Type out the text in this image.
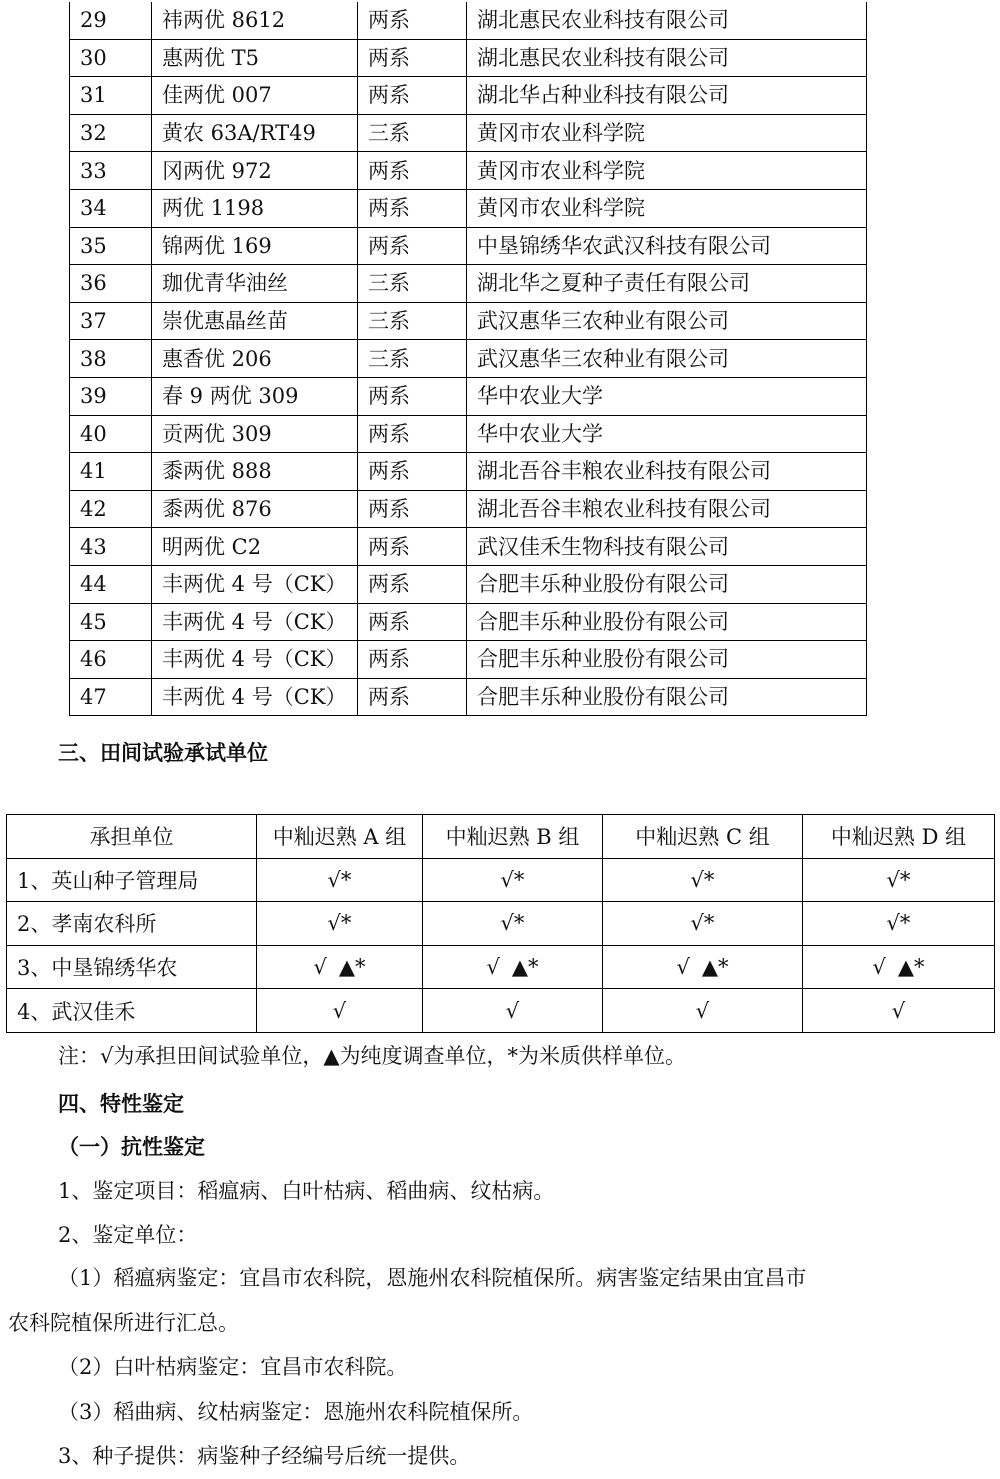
29	祎两优 8612	两系	湖北惠民农业科技有限公司
30	惠两优 T5	两系	湖北惠民农业科技有限公司
31	佳两优 007	两系	湖北华占种业科技有限公司
32	黄农 63A/RT49	三系	黄冈市农业科学院
33	冈两优 972	两系	黄冈市农业科学院
34	两优 1198	两系	黄冈市农业科学院
35	锦两优 169	两系	中垦锦绣华农武汉科技有限公司
36	珈优青华油丝	三系	湖北华之夏种子责任有限公司
37	崇优惠晶丝苗	三系	武汉惠华三农种业有限公司
38	惠香优 206	三系	武汉惠华三农种业有限公司
39	春 9 两优 309	两系	华中农业大学
40	贡两优 309	两系	华中农业大学
41	黍两优 888	两系	湖北吾谷丰粮农业科技有限公司
42	黍两优 876	两系	湖北吾谷丰粮农业科技有限公司
43	明两优 C2	两系	武汉佳禾生物科技有限公司
44	丰两优 4 号（CK）	两系	合肥丰乐种业股份有限公司
45	丰两优 4 号（CK）	两系	合肥丰乐种业股份有限公司
46	丰两优 4 号（CK）	两系	合肥丰乐种业股份有限公司
47	丰两优 4 号（CK）	两系	合肥丰乐种业股份有限公司
三、田间试验承试单位
承担单位	中籼迟熟 A 组	中籼迟熟 B 组	中籼迟熟 C 组	中籼迟熟 D 组
1、英山种子管理局	√*	√*	√*	√*
2、孝南农科所	√*	√*	√*	√*
3、中垦锦绣华农	√ ▲*	√ ▲*	√ ▲*	√ ▲*
4、武汉佳禾	√	√	√	√

注：√为承担田间试验单位，▲为纯度调查单位，*为米质供样单位。

四、特性鉴定
（一）抗性鉴定

1、鉴定项目：稻瘟病、白叶枯病、稻曲病、纹枯病。

2、鉴定单位：

（1）稻瘟病鉴定：宜昌市农科院，恩施州农科院植保所。病害鉴定结果由宜昌市

农科院植保所进行汇总。

（2）白叶枯病鉴定：宜昌市农科院。

（3）稻曲病、纹枯病鉴定：恩施州农科院植保所。

3、种子提供：病鉴种子经编号后统一提供。
